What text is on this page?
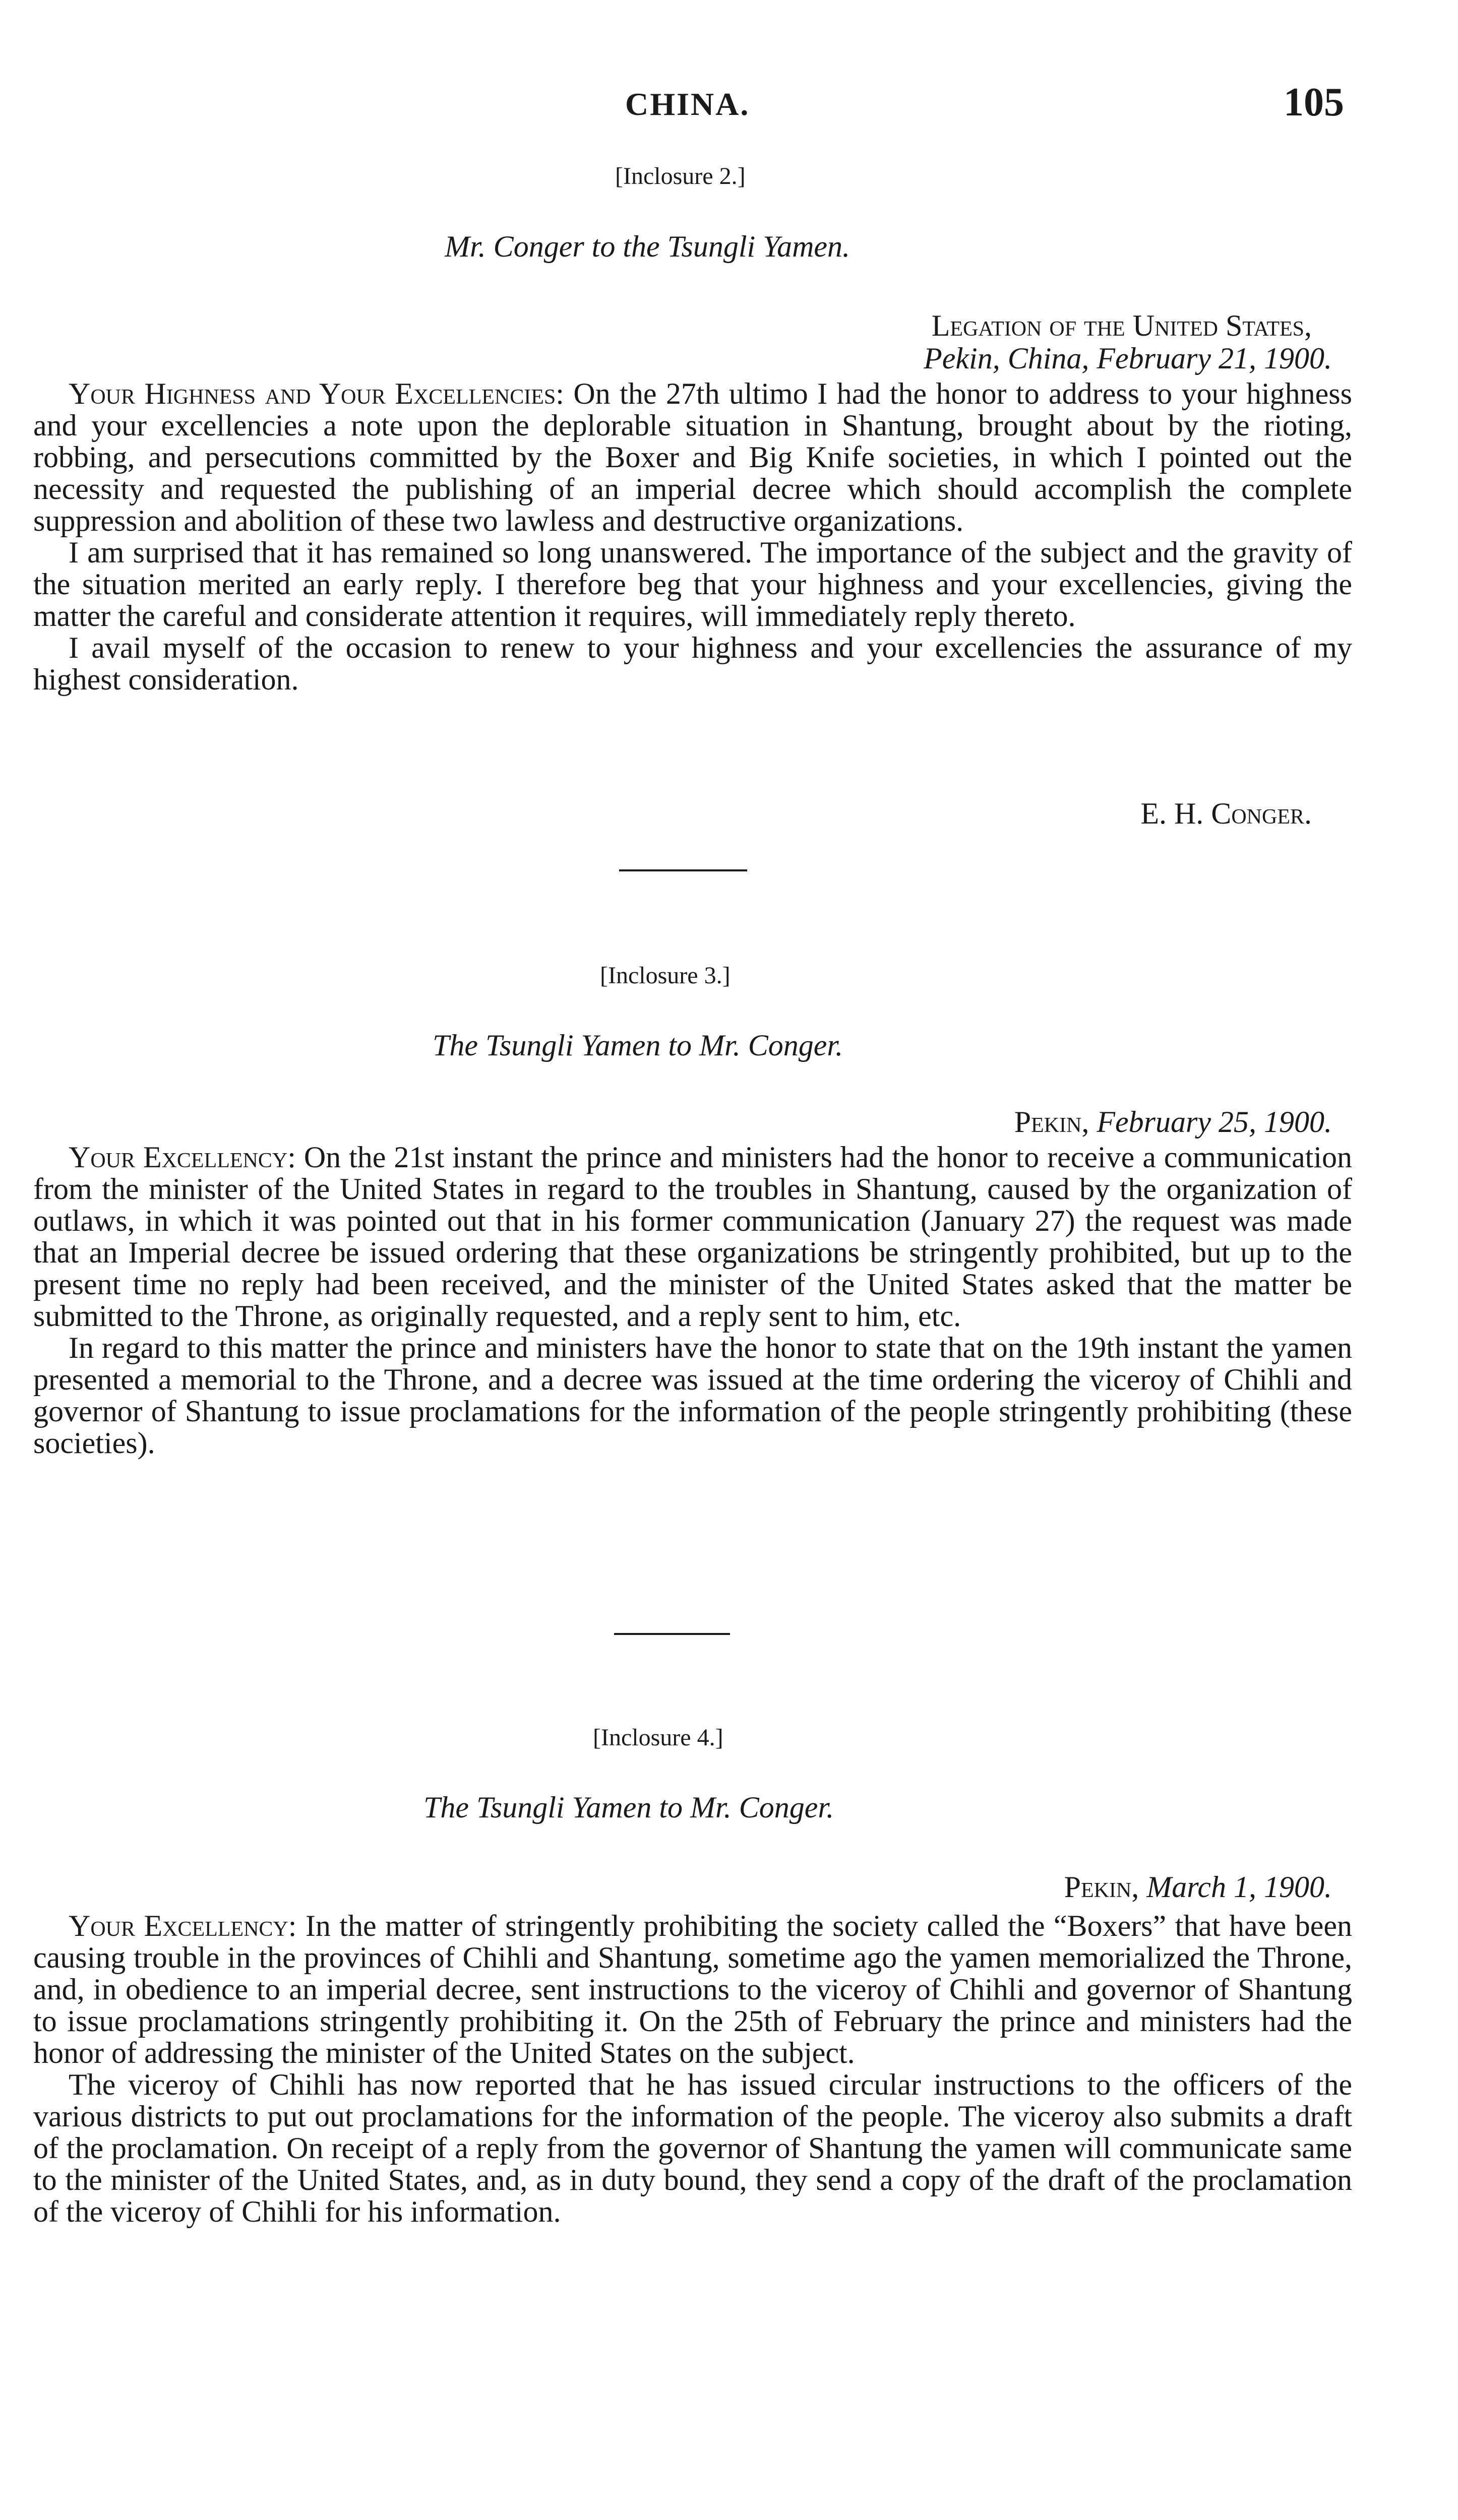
CHINA.	105
[Inclosure 2.]
Mr. Conger to the Tsungli Yamen.
Legation of the United States,
Pekin, China, February 21, 1900.

Your Highness and Your Excellencies: On the 27th ultimo I had the honor to address to your highness and your excellencies a note upon the deplorable situation in Shantung, brought about by the rioting, robbing, and persecutions committed by the Boxer and Big Knife societies, in which I pointed out the necessity and requested the publishing of an imperial decree which should accomplish the complete suppression and abolition of these two lawless and destructive organizations.

I am surprised that it has remained so long unanswered. The importance of the subject and the gravity of the situation merited an early reply. I therefore beg that your highness and your excellencies, giving the matter the careful and considerate attention it requires, will immediately reply thereto.

I avail myself of the occasion to renew to your highness and your excellencies the assurance of my highest consideration.

E. H. Conger.
[Inclosure 3.]
The Tsungli Yamen to Mr. Conger.
Pekin, February 25, 1900.

Your Excellency: On the 21st instant the prince and ministers had the honor to receive a communication from the minister of the United States in regard to the troubles in Shantung, caused by the organization of outlaws, in which it was pointed out that in his former communication (January 27) the request was made that an Imperial decree be issued ordering that these organizations be stringently prohibited, but up to the present time no reply had been received, and the minister of the United States asked that the matter be submitted to the Throne, as originally requested, and a reply sent to him, etc.

In regard to this matter the prince and ministers have the honor to state that on the 19th instant the yamen presented a memorial to the Throne, and a decree was issued at the time ordering the viceroy of Chihli and governor of Shantung to issue proclamations for the information of the people stringently prohibiting (these societies).

[Inclosure 4.]
The Tsungli Yamen to Mr. Conger.
Pekin, March 1, 1900.

Your Excellency: In the matter of stringently prohibiting the society called the “Boxers” that have been causing trouble in the provinces of Chihli and Shantung, sometime ago the yamen memorialized the Throne, and, in obedience to an imperial decree, sent instructions to the viceroy of Chihli and governor of Shantung to issue proclamations stringently prohibiting it. On the 25th of February the prince and ministers had the honor of addressing the minister of the United States on the subject.

The viceroy of Chihli has now reported that he has issued circular instructions to the officers of the various districts to put out proclamations for the information of the people. The viceroy also submits a draft of the proclamation. On receipt of a reply from the governor of Shantung the yamen will communicate same to the minister of the United States, and, as in duty bound, they send a copy of the draft of the proclamation of the viceroy of Chihli for his information.
